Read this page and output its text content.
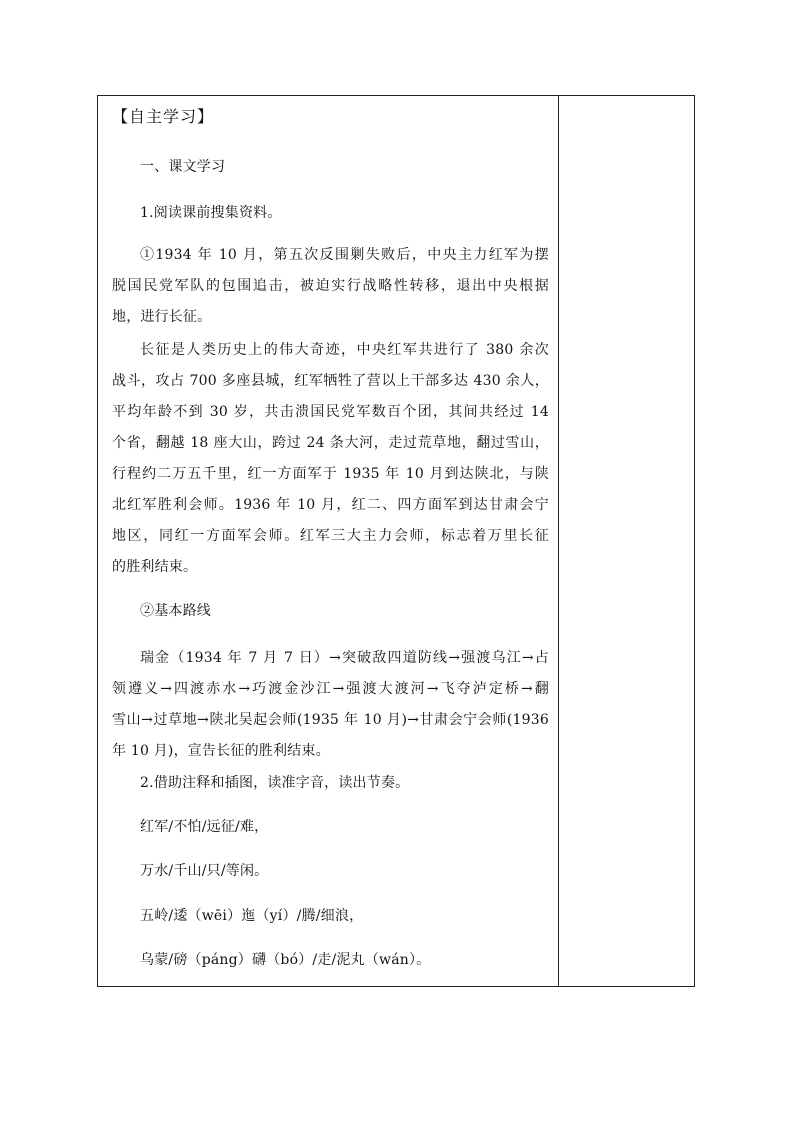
【自主学习】
一、课文学习
1.阅读课前搜集资料。
①1934 年 10 月，第五次反围剿失败后，中央主力红军为摆
脱国民党军队的包围追击，被迫实行战略性转移，退出中央根据
地，进行长征。
长征是人类历史上的伟大奇迹，中央红军共进行了 380 余次
战斗，攻占 700 多座县城，红军牺牲了营以上干部多达 430 余人，
平均年龄不到 30 岁，共击溃国民党军数百个团，其间共经过 14
个省，翻越 18 座大山，跨过 24 条大河，走过荒草地，翻过雪山，
行程约二万五千里，红一方面军于 1935 年 10 月到达陕北，与陕
北红军胜利会师。1936 年 10 月，红二、四方面军到达甘肃会宁
地区，同红一方面军会师。红军三大主力会师，标志着万里长征
的胜利结束。
②基本路线
瑞金（1934 年 7 月 7 日）→突破敌四道防线→强渡乌江→占
领遵义→四渡赤水→巧渡金沙江→强渡大渡河→飞夺泸定桥→翻
雪山→过草地→陕北吴起会师(1935 年 10 月)→甘肃会宁会师(1936
年 10 月)，宣告长征的胜利结束。
2.借助注释和插图，读准字音，读出节奏。
红军/不怕/远征/难，
万水/千山/只/等闲。
五岭/逶（wēi）迤（yí）/腾/细浪，
乌蒙/磅（páng）礴（bó）/走/泥丸（wán）。
